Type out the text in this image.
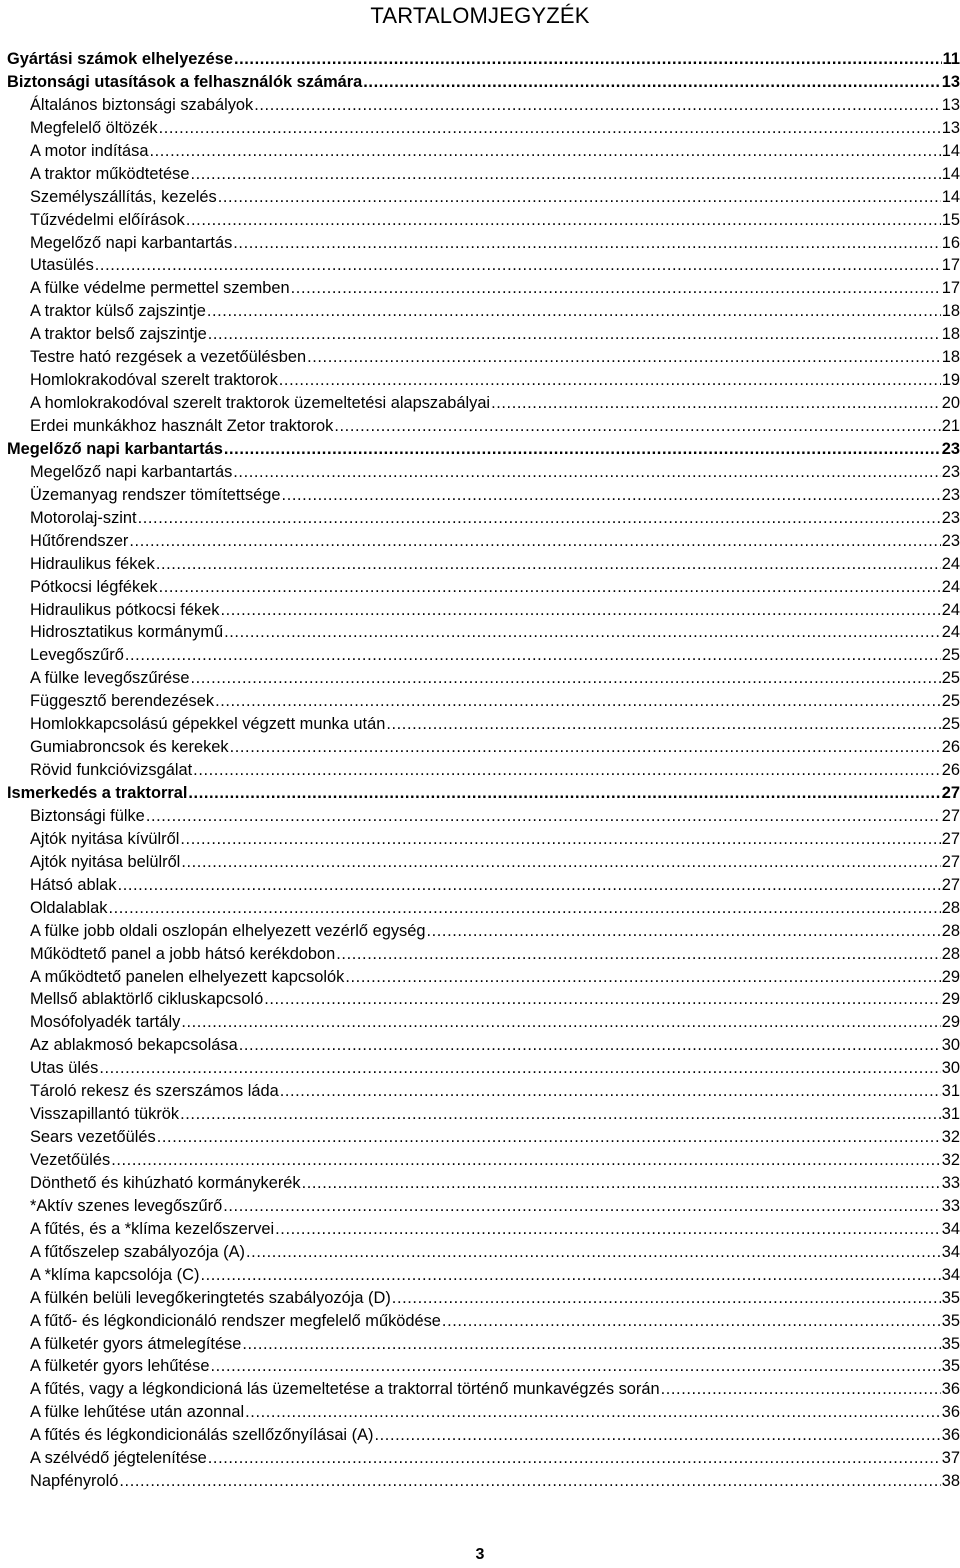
TARTALOMJEGYZÉK
Gyártási számok elhelyezése .....	11
Biztonsági utasítások a felhasználók számára .....	13
Általános biztonsági szabályok .....	13
Megfelelő öltözék .....	13
A motor indítása .....	14
A traktor működtetése .....	14
Személyszállítás, kezelés .....	14
Tűzvédelmi előírások .....	15
Megelőző napi karbantartás .....	16
Utasülés .....	17
A fülke védelme permettel szemben .....	17
A traktor külső zajszintje .....	18
A traktor belső zajszintje .....	18
Testre ható rezgések a vezetőülésben .....	18
Homlokrakodóval szerelt traktorok .....	19
A homlokrakodóval szerelt traktorok üzemeltetési alapszabályai .....	20
Erdei munkákhoz használt Zetor traktorok .....	21
Megelőző napi karbantartás .....	23
Megelőző napi karbantartás .....	23
Üzemanyag rendszer tömítettsége .....	23
Motorolaj-szint .....	23
Hűtőrendszer .....	23
Hidraulikus fékek .....	24
Pótkocsi légfékek .....	24
Hidraulikus pótkocsi fékek .....	24
Hidrosztatikus kormánymű .....	24
Levegőszűrő .....	25
A fülke levegőszűrése .....	25
Függesztő berendezések .....	25
Homlokkapcsolású gépekkel végzett munka után .....	25
Gumiabroncsok és kerekek .....	26
Rövid funkcióvizsgálat .....	26
Ismerkedés a traktorral .....	27
Biztonsági fülke .....	27
Ajtók nyitása kívülről .....	27
Ajtók nyitása belülről .....	27
Hátsó ablak .....	27
Oldalablak .....	28
A fülke jobb oldali oszlopán elhelyezett vezérlő egység .....	28
Működtető panel a jobb hátsó kerékdobon .....	28
A működtető panelen elhelyezett kapcsolók .....	29
Mellső ablaktörlő cikluskapcsoló .....	29
Mosófolyadék tartály .....	29
Az ablakmosó bekapcsolása .....	30
Utas ülés .....	30
Tároló rekesz és szerszámos láda .....	31
Visszapillantó tükrök .....	31
Sears vezetőülés .....	32
Vezetőülés .....	32
Dönthető és kihúzható kormánykerék .....	33
*Aktív szenes levegőszűrő .....	33
A fűtés, és a *klíma kezelőszervei .....	34
A fűtőszelep szabályozója (A) .....	34
A *klíma kapcsolója (C) .....	34
A fülkén belüli levegőkeringtetés szabályozója (D) .....	35
A fűtő- és légkondicionáló rendszer megfelelő működése .....	35
A fülketér gyors átmelegítése .....	35
A fülketér gyors lehűtése .....	35
A fűtés, vagy a légkondicioná lás üzemeltetése a traktorral történő munkavégzés során .....	36
A fülke lehűtése után azonnal .....	36
A fűtés és légkondicionálás szellőzőnyílásai (A) .....	36
A szélvédő jégtelenítése .....	37
Napfényroló .....	38
3
